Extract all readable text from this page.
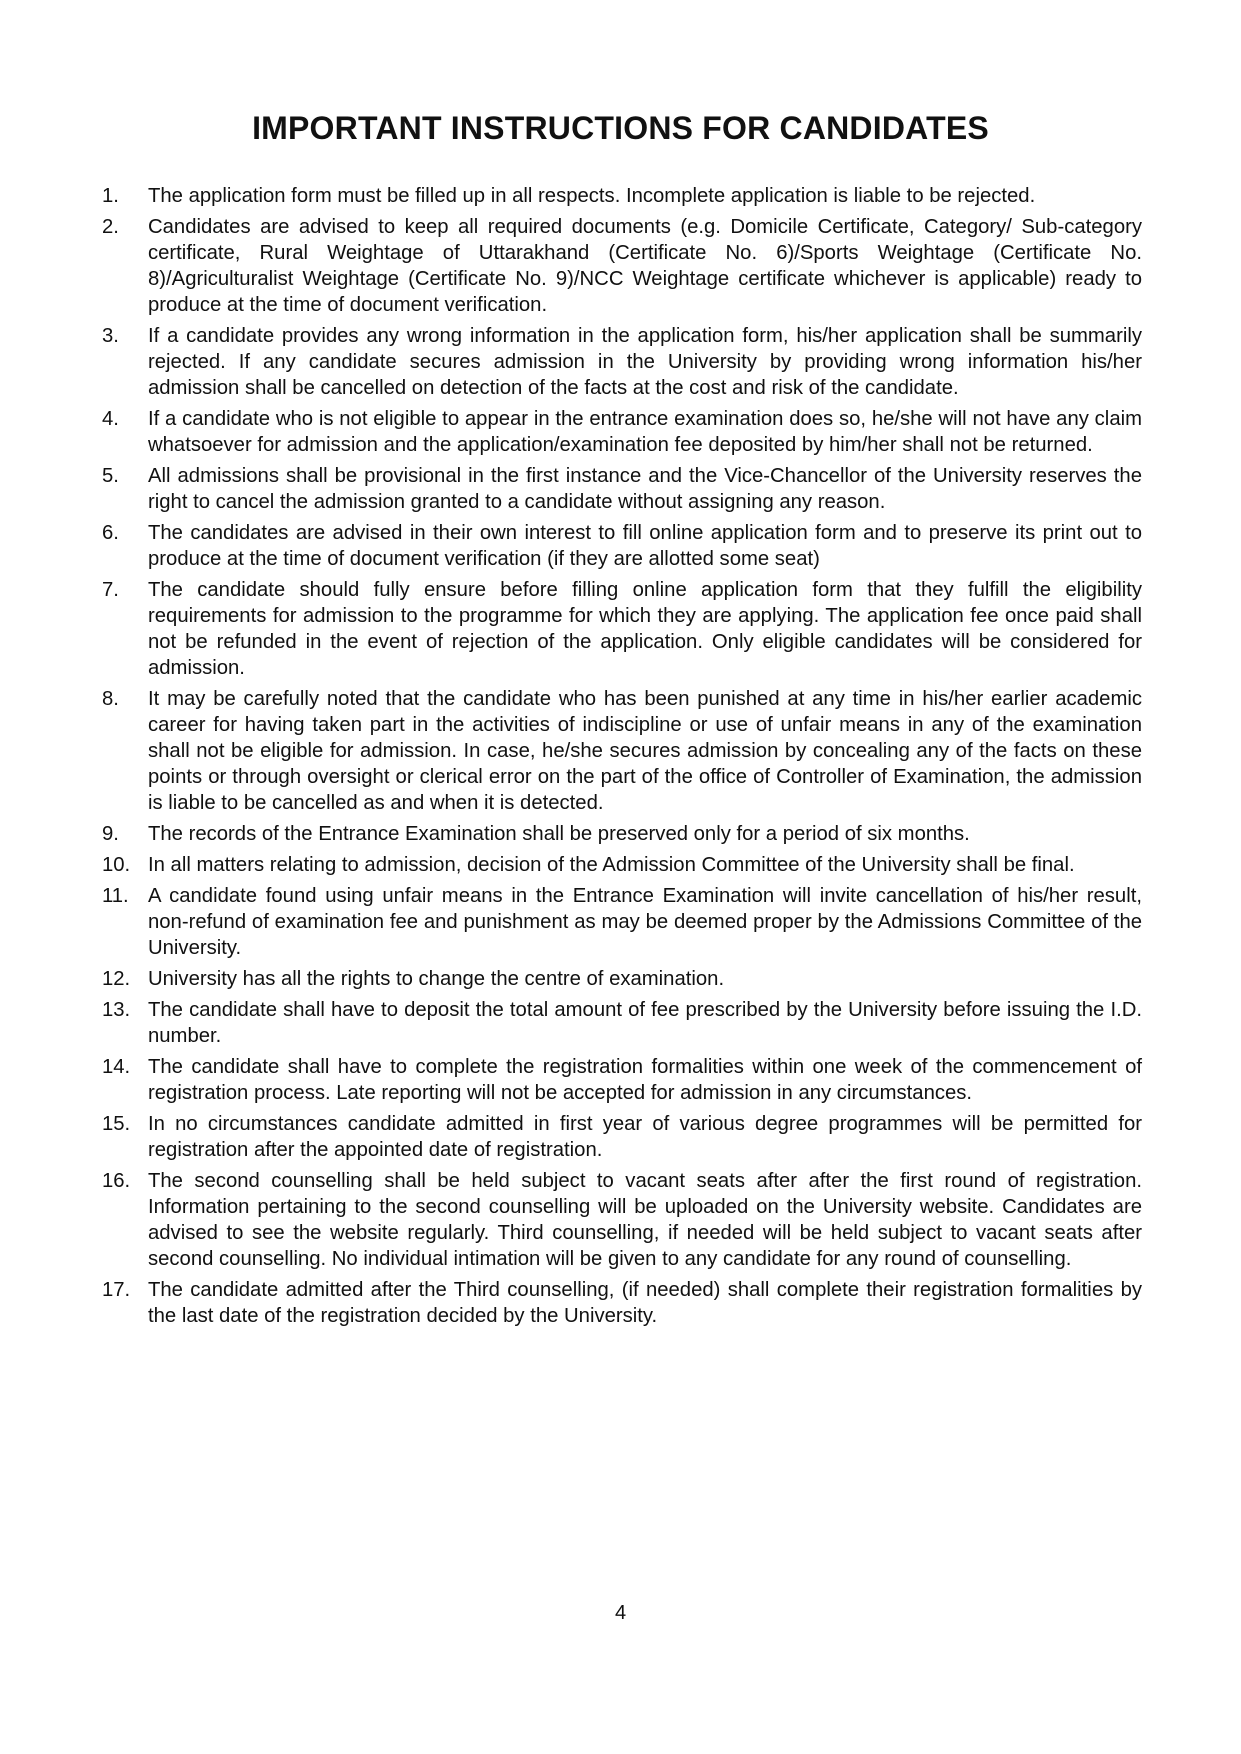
IMPORTANT INSTRUCTIONS FOR CANDIDATES
1.	The application form must be filled up in all respects. Incomplete application is liable to be rejected.
2.	Candidates are advised to keep all required documents (e.g. Domicile Certificate, Category/ Sub-category certificate, Rural Weightage of Uttarakhand (Certificate No. 6)/Sports Weightage (Certificate No. 8)/Agriculturalist Weightage (Certificate No. 9)/NCC Weightage certificate whichever is applicable) ready to produce at the time of document verification.
3.	If a candidate provides any wrong information in the application form, his/her application shall be summarily rejected. If any candidate secures admission in the University by providing wrong information his/her admission shall be cancelled on detection of the facts at the cost and risk of the candidate.
4.	If a candidate who is not eligible to appear in the entrance examination does so, he/she will not have any claim whatsoever for admission and the application/examination fee deposited by him/her shall not be returned.
5.	All admissions shall be provisional in the first instance and the Vice-Chancellor of the University reserves the right to cancel the admission granted to a candidate without assigning any reason.
6.	The candidates are advised in their own interest to fill online application form and to preserve its print out to produce at the time of document verification (if they are allotted some seat)
7.	The candidate should fully ensure before filling online application form that they fulfill the eligibility requirements for admission to the programme for which they are applying. The application fee once paid shall not be refunded in the event of rejection of the application. Only eligible candidates will be considered for admission.
8.	It may be carefully noted that the candidate who has been punished at any time in his/her earlier academic career for having taken part in the activities of indiscipline or use of unfair means in any of the examination shall not be eligible for admission. In case, he/she secures admission by concealing any of the facts on these points or through oversight or clerical error on the part of the office of Controller of Examination, the admission is liable to be cancelled as and when it is detected.
9.	The records of the Entrance Examination shall be preserved only for a period of six months.
10. In all matters relating to admission, decision of the Admission Committee of the University shall be final.
11. A candidate found using unfair means in the Entrance Examination will invite cancellation of his/her result, non-refund of examination fee and punishment as may be deemed proper by the Admissions Committee of the University.
12. University has all the rights to change the centre of examination.
13. The candidate shall have to deposit the total amount of fee prescribed by the University before issuing the I.D. number.
14. The candidate shall have to complete the registration formalities within one week of the commencement of registration process. Late reporting will not be accepted for admission in any circumstances.
15. In no circumstances candidate admitted in first year of various degree programmes will be permitted for registration after the appointed date of registration.
16. The second counselling shall be held subject to vacant seats after after the first round of registration. Information pertaining to the second counselling will be uploaded on the University website. Candidates are advised to see the website regularly. Third counselling, if needed will be held subject to vacant seats after second counselling. No individual intimation will be given to any candidate for any round of counselling.
17. The candidate admitted after the Third counselling, (if needed) shall complete their registration formalities by the last date of the registration decided by the University.
4
